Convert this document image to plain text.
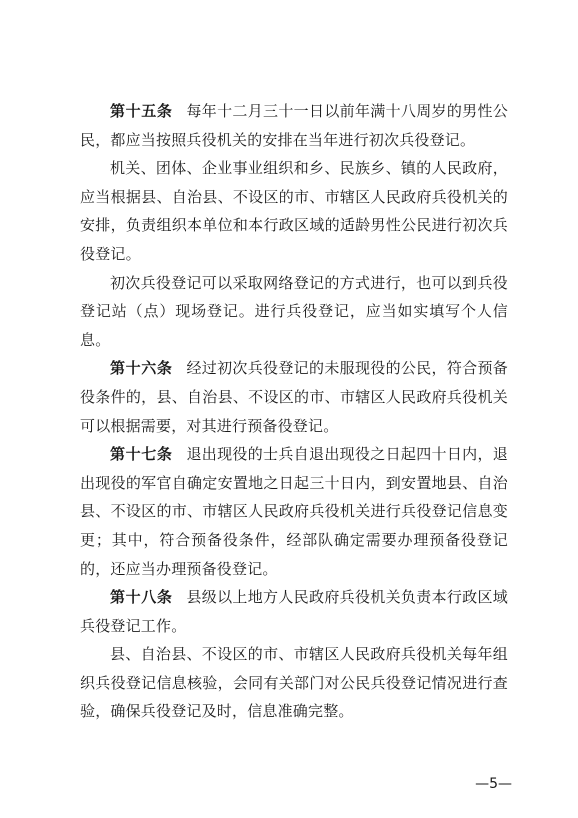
第十五条 每年十二月三十一日以前年满十八周岁的男性公民，都应当按照兵役机关的安排在当年进行初次兵役登记。

机关、团体、企业事业组织和乡、民族乡、镇的人民政府，应当根据县、自治县、不设区的市、市辖区人民政府兵役机关的安排，负责组织本单位和本行政区域的适龄男性公民进行初次兵役登记。

初次兵役登记可以采取网络登记的方式进行，也可以到兵役登记站（点）现场登记。进行兵役登记，应当如实填写个人信息。

第十六条 经过初次兵役登记的未服现役的公民，符合预备役条件的，县、自治县、不设区的市、市辖区人民政府兵役机关可以根据需要，对其进行预备役登记。

第十七条 退出现役的士兵自退出现役之日起四十日内，退出现役的军官自确定安置地之日起三十日内，到安置地县、自治县、不设区的市、市辖区人民政府兵役机关进行兵役登记信息变更；其中，符合预备役条件，经部队确定需要办理预备役登记的，还应当办理预备役登记。

第十八条 县级以上地方人民政府兵役机关负责本行政区域兵役登记工作。

县、自治县、不设区的市、市辖区人民政府兵役机关每年组织兵役登记信息核验，会同有关部门对公民兵役登记情况进行查验，确保兵役登记及时，信息准确完整。

—5—
